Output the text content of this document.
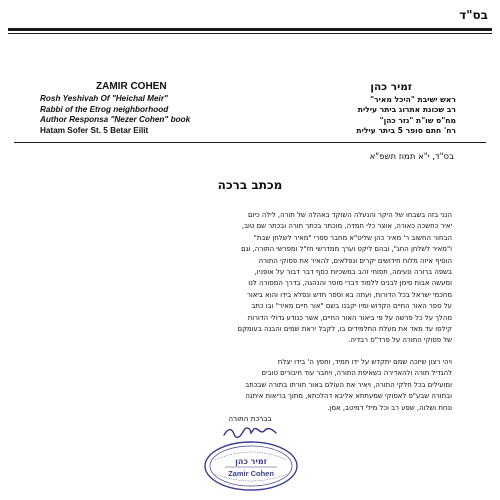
בס"ד
ZAMIR COHEN
Rosh Yeshivah Of "Heichal Meir"
Rabbi of the Etrog neighborhood
Author Responsa "Nezer Cohen" book
Hatam Sofer St. 5 Betar Eilit
זמיר כהן
ראש ישיבת "היכל מאיר"
רב שכונת אתרוג ביתר עילית
מח"ס שו"ת "נזר כהן"
רח' חתם סופר 5 ביתר עילית
בס"ד, י"א תמוז תשפ"א
מכתב ברכה

הנני בזה בשבחו של היקר והנעלה השוקד באהלה של תורה, לילה כיום
יאיר כחשכה כאורה, אוצר כלי חמדה, מוכתר בכתר תורה ובכתר שם טוב,
הבחור החשוב ר' מאיר כהן שליט"א מחבר ספרי "מאיר לשלחן שבת"
ו"מאיר לשלחן החג", ובהם ליקט וערך ממדרשי חז"ל ומפרשי התורה, וגם
הוסיף איזה מלוח חידושים יקרים ונפלאים, להאיר את פסוקי התורה
בשפה ברורה ונעימה, תפוחי זהב במשכיות כסף דבר דבור על אופניו,
ומעשה אבות סימן לבנים ללמוד דברי מוסר והנהגה, בדרך המסורה לנו
מחכמי ישראל בכל הדורות, ועתה בא וספר חדש ונפלא בידו והוא ביאור
על ספר האור החיים הקדוש ומיו יקבנו בשם "אור חיים מאיר" ובו כתב
מהלך על כל פרשה על פי ביאור האור החיים, אשר כנודע גדולי הדורות
קילסו עד מאד את מעלת התלמידים בו, לקבל יראת שמים והבנה בעומקם
של פסוקי התורה על פרד"ס רבדיה.

ויהי רצון שיזכה שמם יתקדש על ידו תמיד, וחפץ ה' בידו יצלח
להגדיל תורה ולהאדירה כשאיפת התורה, ויחבר עוד חיבורים טובים
ומועילים בכל חלקי התורה, ויאיר את העולם באור תורתו בתורה שבכתב
ובתורה שבע"פ לאסוקי שמעתתא אליבא דהלכתא, מתוך בריאות איתנה
ונחת ושלוה, שפע רב וכל מילי דמיטב, אמן.

בברכת התורה
זמיר כהן
Zamir Cohen
